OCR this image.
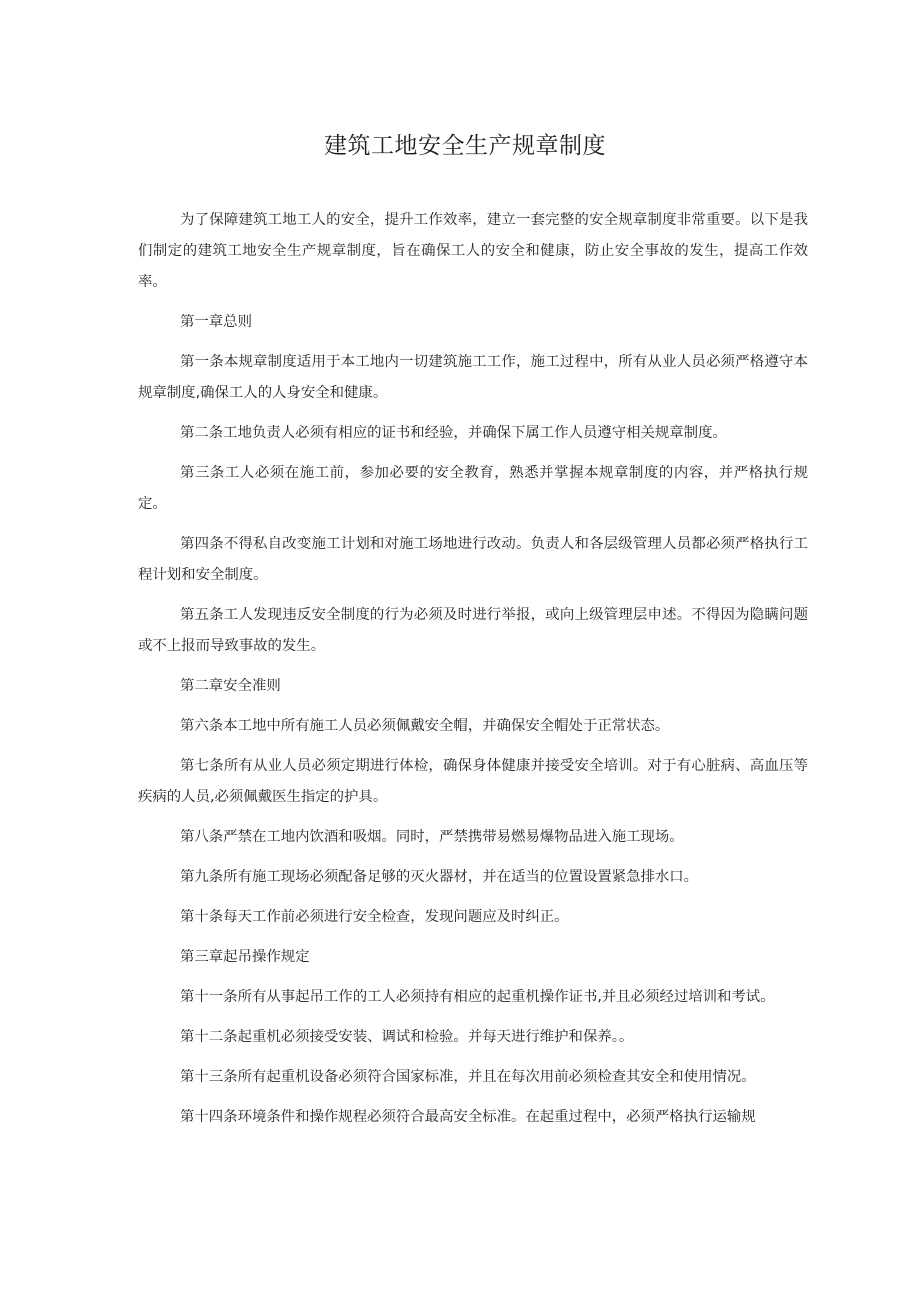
建筑工地安全生产规章制度

为了保障建筑工地工人的安全，提升工作效率，建立一套完整的安全规章制度非常重要。以下是我们制定的建筑工地安全生产规章制度，旨在确保工人的安全和健康，防止安全事故的发生，提高工作效率。

第一章总则

第一条本规章制度适用于本工地内一切建筑施工工作，施工过程中，所有从业人员必须严格遵守本规章制度,确保工人的人身安全和健康。

第二条工地负责人必须有相应的证书和经验，并确保下属工作人员遵守相关规章制度。

第三条工人必须在施工前，参加必要的安全教育，熟悉并掌握本规章制度的内容，并严格执行规定。

第四条不得私自改变施工计划和对施工场地进行改动。负责人和各层级管理人员都必须严格执行工程计划和安全制度。

第五条工人发现违反安全制度的行为必须及时进行举报，或向上级管理层申述。不得因为隐瞒问题或不上报而导致事故的发生。

第二章安全准则

第六条本工地中所有施工人员必须佩戴安全帽，并确保安全帽处于正常状态。

第七条所有从业人员必须定期进行体检，确保身体健康并接受安全培训。对于有心脏病、高血压等疾病的人员,必须佩戴医生指定的护具。

第八条严禁在工地内饮酒和吸烟。同时，严禁携带易燃易爆物品进入施工现场。

第九条所有施工现场必须配备足够的灭火器材，并在适当的位置设置紧急排水口。

第十条每天工作前必须进行安全检查，发现问题应及时纠正。

第三章起吊操作规定

第十一条所有从事起吊工作的工人必须持有相应的起重机操作证书,并且必须经过培训和考试。

第十二条起重机必须接受安装、调试和检验。并每天进行维护和保养。。

第十三条所有起重机设备必须符合国家标准，并且在每次用前必须检查其安全和使用情况。

第十四条环境条件和操作规程必须符合最高安全标准。在起重过程中，必须严格执行运输规
